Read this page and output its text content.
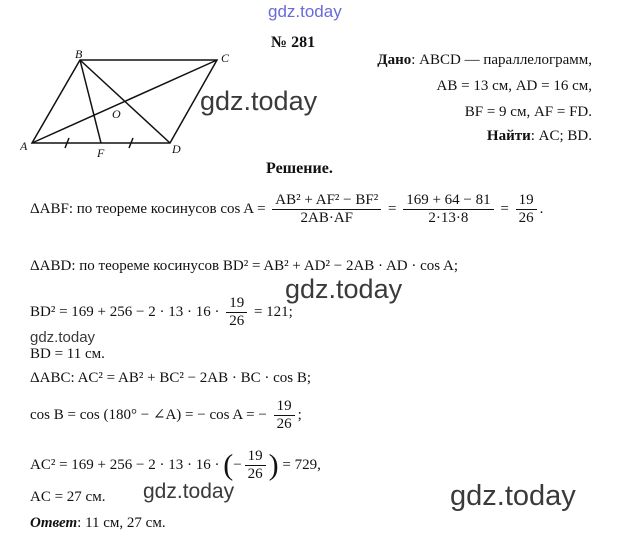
gdz.today
gdz.today
gdz.today
gdz.today
gdz.today	gdz.today
№ 281
A
B	C
D
F
O
Дано: ABCD — параллелограмм,
AB = 13 см, AD = 16 см,
BF = 9 см, AF = FD.
Найти: AC; BD.
Решение.
ΔABF: по теореме косинусов $\cos A = \frac{\text{AB² + AF² − BF²}}{2AB\cdot AF} = \frac{169 + 64 - 81}{2\cdot 13\cdot 8} = \frac{19}{26}$ .
ΔABD: по теореме косинусов BD² = AB² + AD² − 2AB · AD · cos A;
$BD^2 = 169 + 256 - 2 \cdot 13 \cdot 16 \cdot \frac{19}{26} = 121$;
BD = 11 см.
ΔABC: AC² = AB² + BC² − 2AB · BC · cos B;
cos B = cos (180° − ∠A) = − cos A = − $\frac{19}{26}$ ;
AC² = 169 + 256 − 2 · 13 · 16 · (− $\frac{19}{26}$ ) = 729,
AC = 27 см.
Ответ: 11 см, 27 см.
